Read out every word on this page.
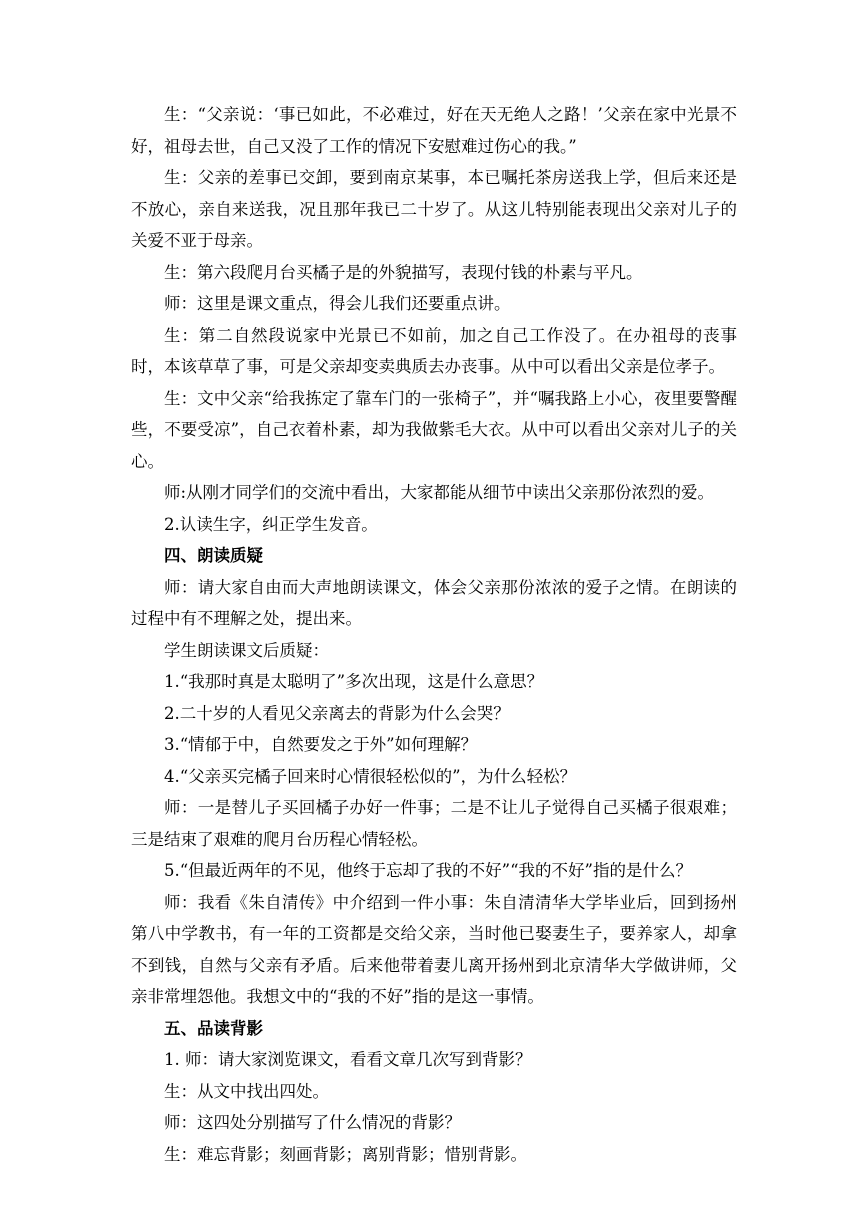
生：“父亲说：‘事已如此，不必难过，好在天无绝人之路！’父亲在家中光景不好，祖母去世，自己又没了工作的情况下安慰难过伤心的我。”

生：父亲的差事已交卸，要到南京某事，本已嘱托茶房送我上学，但后来还是不放心，亲自来送我，况且那年我已二十岁了。从这儿特别能表现出父亲对儿子的关爱不亚于母亲。

生：第六段爬月台买橘子是的外貌描写，表现付钱的朴素与平凡。

师：这里是课文重点，得会儿我们还要重点讲。

生：第二自然段说家中光景已不如前，加之自己工作没了。在办祖母的丧事时，本该草草了事，可是父亲却变卖典质去办丧事。从中可以看出父亲是位孝子。

生：文中父亲“给我拣定了靠车门的一张椅子”，并“嘱我路上小心，夜里要警醒些，不要受凉”，自己衣着朴素，却为我做紫毛大衣。从中可以看出父亲对儿子的关心。

师:从刚才同学们的交流中看出，大家都能从细节中读出父亲那份浓烈的爱。

2.认读生字，纠正学生发音。

四、朗读质疑

师：请大家自由而大声地朗读课文，体会父亲那份浓浓的爱子之情。在朗读的过程中有不理解之处，提出来。

学生朗读课文后质疑：

1.“我那时真是太聪明了”多次出现，这是什么意思？

2.二十岁的人看见父亲离去的背影为什么会哭？

3.“情郁于中，自然要发之于外”如何理解？

4.“父亲买完橘子回来时心情很轻松似的”，为什么轻松？

师：一是替儿子买回橘子办好一件事；二是不让儿子觉得自己买橘子很艰难；三是结束了艰难的爬月台历程心情轻松。

5.“但最近两年的不见，他终于忘却了我的不好”“我的不好”指的是什么？

师：我看《朱自清传》中介绍到一件小事：朱自清清华大学毕业后，回到扬州第八中学教书，有一年的工资都是交给父亲，当时他已娶妻生子，要养家人，却拿不到钱，自然与父亲有矛盾。后来他带着妻儿离开扬州到北京清华大学做讲师，父亲非常埋怨他。我想文中的“我的不好”指的是这一事情。

五、品读背影

1. 师：请大家浏览课文，看看文章几次写到背影？

生：从文中找出四处。

师：这四处分别描写了什么情况的背影？

生：难忘背影；刻画背影；离别背影；惜别背影。
